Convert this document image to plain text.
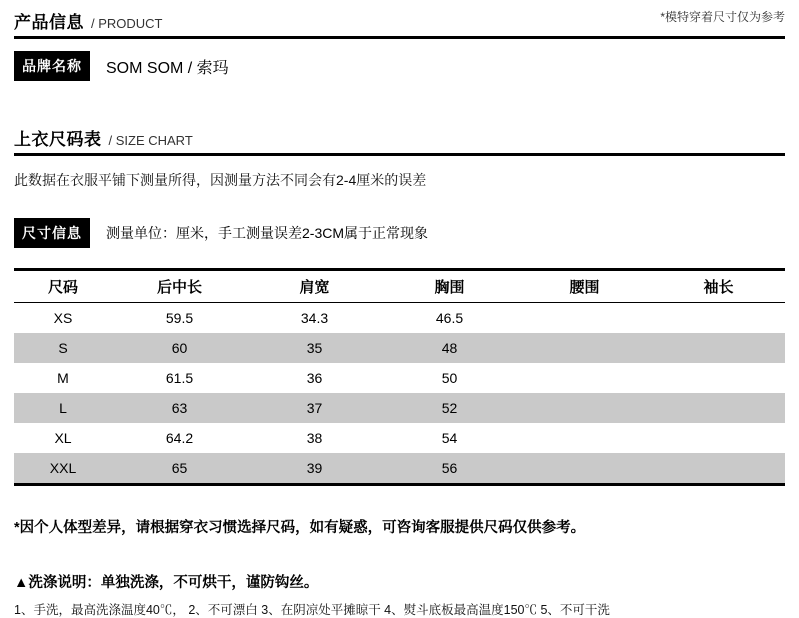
产品信息 / PRODUCT	*模特穿着尺寸仅为参考
品牌名称	SOM SOM / 索玛
上衣尺码表 / SIZE CHART
此数据在衣服平铺下测量所得，因测量方法不同会有2-4厘米的误差
尺寸信息	测量单位：厘米，手工测量误差2-3CM属于正常现象
尺码	后中长	肩宽	胸围	腰围	袖长
XS	59.5	34.3	46.5		
S	60	35	48		
M	61.5	36	50		
L	63	37	52		
XL	64.2	38	54		
XXL	65	39	56		
*因个人体型差异，请根据穿衣习惯选择尺码，如有疑惑，可咨询客服提供尺码仅供参考。
▲洗涤说明：单独洗涤，不可烘干，谨防钩丝。
1、手洗，最高洗涤温度40℃， 2、不可漂白 3、在阴凉处平摊晾干 4、熨斗底板最高温度150℃ 5、不可干洗
